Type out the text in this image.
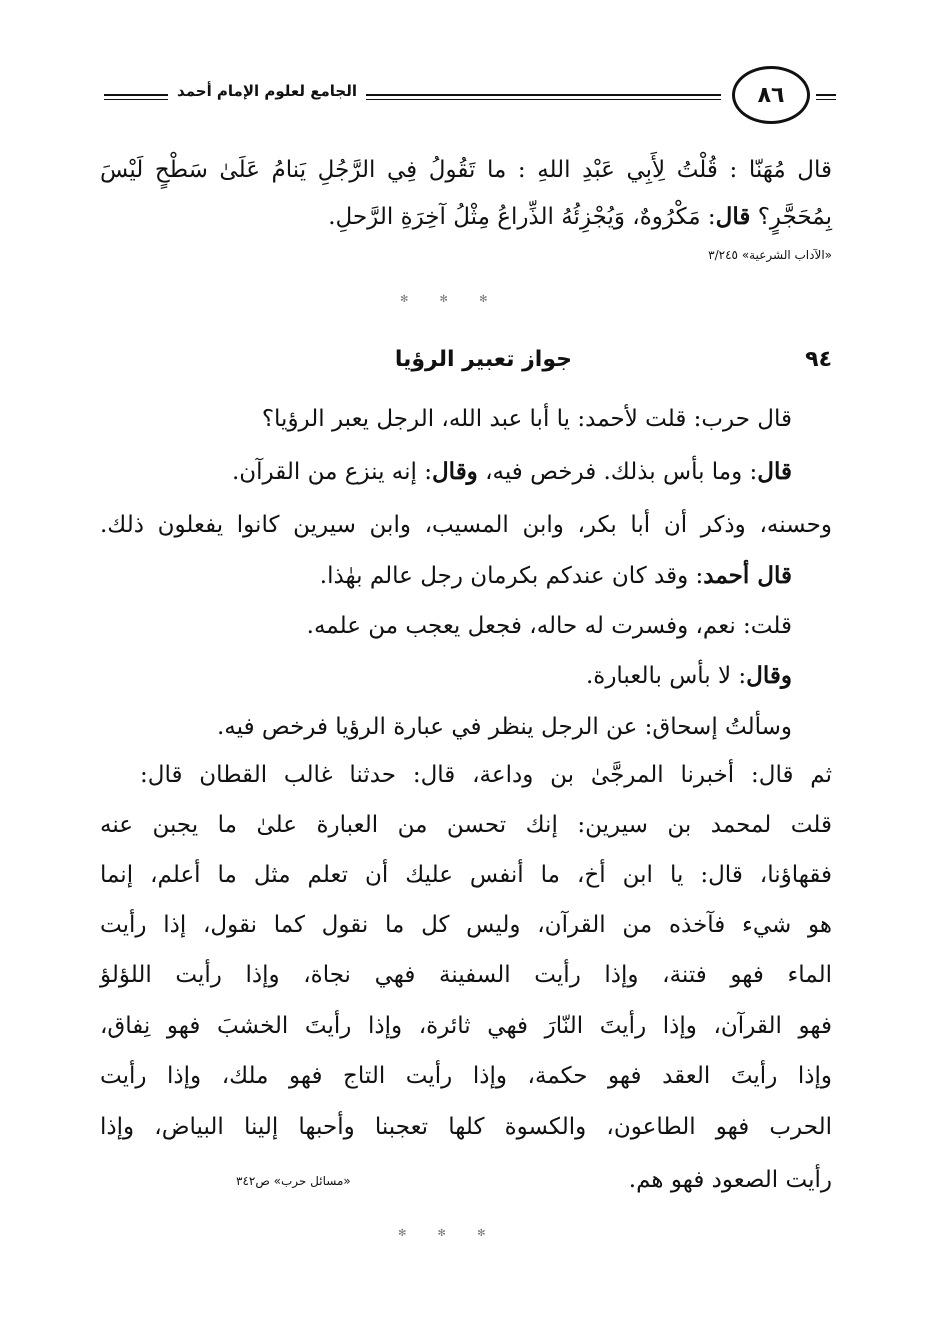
الجامع لعلوم الإمام أحمد	٨٦
قال مُهَنّا : قُلْتُ لِأَبِي عَبْدِ اللهِ : ما تَقُولُ فِي الرَّجُلِ يَنامُ عَلَىٰ سَطْحٍ لَيْسَ
بِمُحَجَّرٍ؟ قال: مَكْرُوهٌ، وَيُجْزِئُهُ الذِّراعُ مِثْلُ آخِرَةِ الرَّحلِ.
«الآداب الشرعية» ٣/٢٤٥
✻ ✻ ✻
٩٤
جواز تعبير الرؤيا
قال حرب: قلت لأحمد: يا أبا عبد الله، الرجل يعبر الرؤيا؟
قال: وما بأس بذلك. فرخص فيه، وقال: إنه ينزع من القرآن.
وحسنه، وذكر أن أبا بكر، وابن المسيب، وابن سيرين كانوا يفعلون ذلك.
قال أحمد: وقد كان عندكم بكرمان رجل عالم بهٰذا.
قلت: نعم، وفسرت له حاله، فجعل يعجب من علمه.
وقال: لا بأس بالعبارة.
وسألتُ إسحاق: عن الرجل ينظر في عبارة الرؤيا فرخص فيه.
ثم قال: أخبرنا المرجَّىٰ بن وداعة، قال: حدثنا غالب القطان قال:
قلت لمحمد بن سيرين: إنك تحسن من العبارة علىٰ ما يجبن عنه
فقهاؤنا، قال: يا ابن أخ، ما أنفس عليك أن تعلم مثل ما أعلم، إنما
هو شيء فآخذه من القرآن، وليس كل ما نقول كما نقول، إذا رأيت
الماء فهو فتنة، وإذا رأيت السفينة فهي نجاة، وإذا رأيت اللؤلؤ
فهو القرآن، وإذا رأيتَ النّارَ فهي ثائرة، وإذا رأيتَ الخشبَ فهو نِفاق،
وإذا رأيتَ العقد فهو حكمة، وإذا رأيت التاج فهو ملك، وإذا رأيت
الحرب فهو الطاعون، والكسوة كلها تعجبنا وأحبها إلينا البياض، وإذا
رأيت الصعود فهو هم.
«مسائل حرب» ص٣٤٢
✻ ✻ ✻
